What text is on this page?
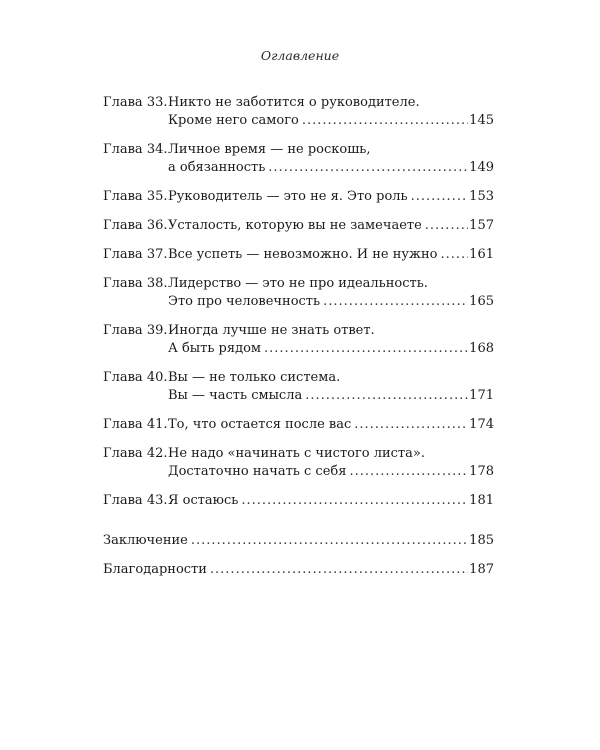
Оглавление
Глава 33. Никто не заботится о руководителе.
Кроме него самого .....	145
Глава 34. Личное время — не роскошь,
а обязанность .....	149
Глава 35. Руководитель — это не я. Это роль .....	153
Глава 36. Усталость, которую вы не замечаете .....	157
Глава 37. Все успеть — невозможно. И не нужно ..... 161
Глава 38. Лидерство — это не про идеальность.
Это про человечность .....	165
Глава 39. Иногда лучше не знать ответ.
А быть рядом .....	168
Глава 40. Вы — не только система.
Вы — часть смысла .....	171
Глава 41. То, что остается после вас .....	174
Глава 42. Не надо «начинать с чистого листа».
Достаточно начать с себя .....	178
Глава 43. Я остаюсь .....	181
Заключение .....	185
Благодарности .....	187
